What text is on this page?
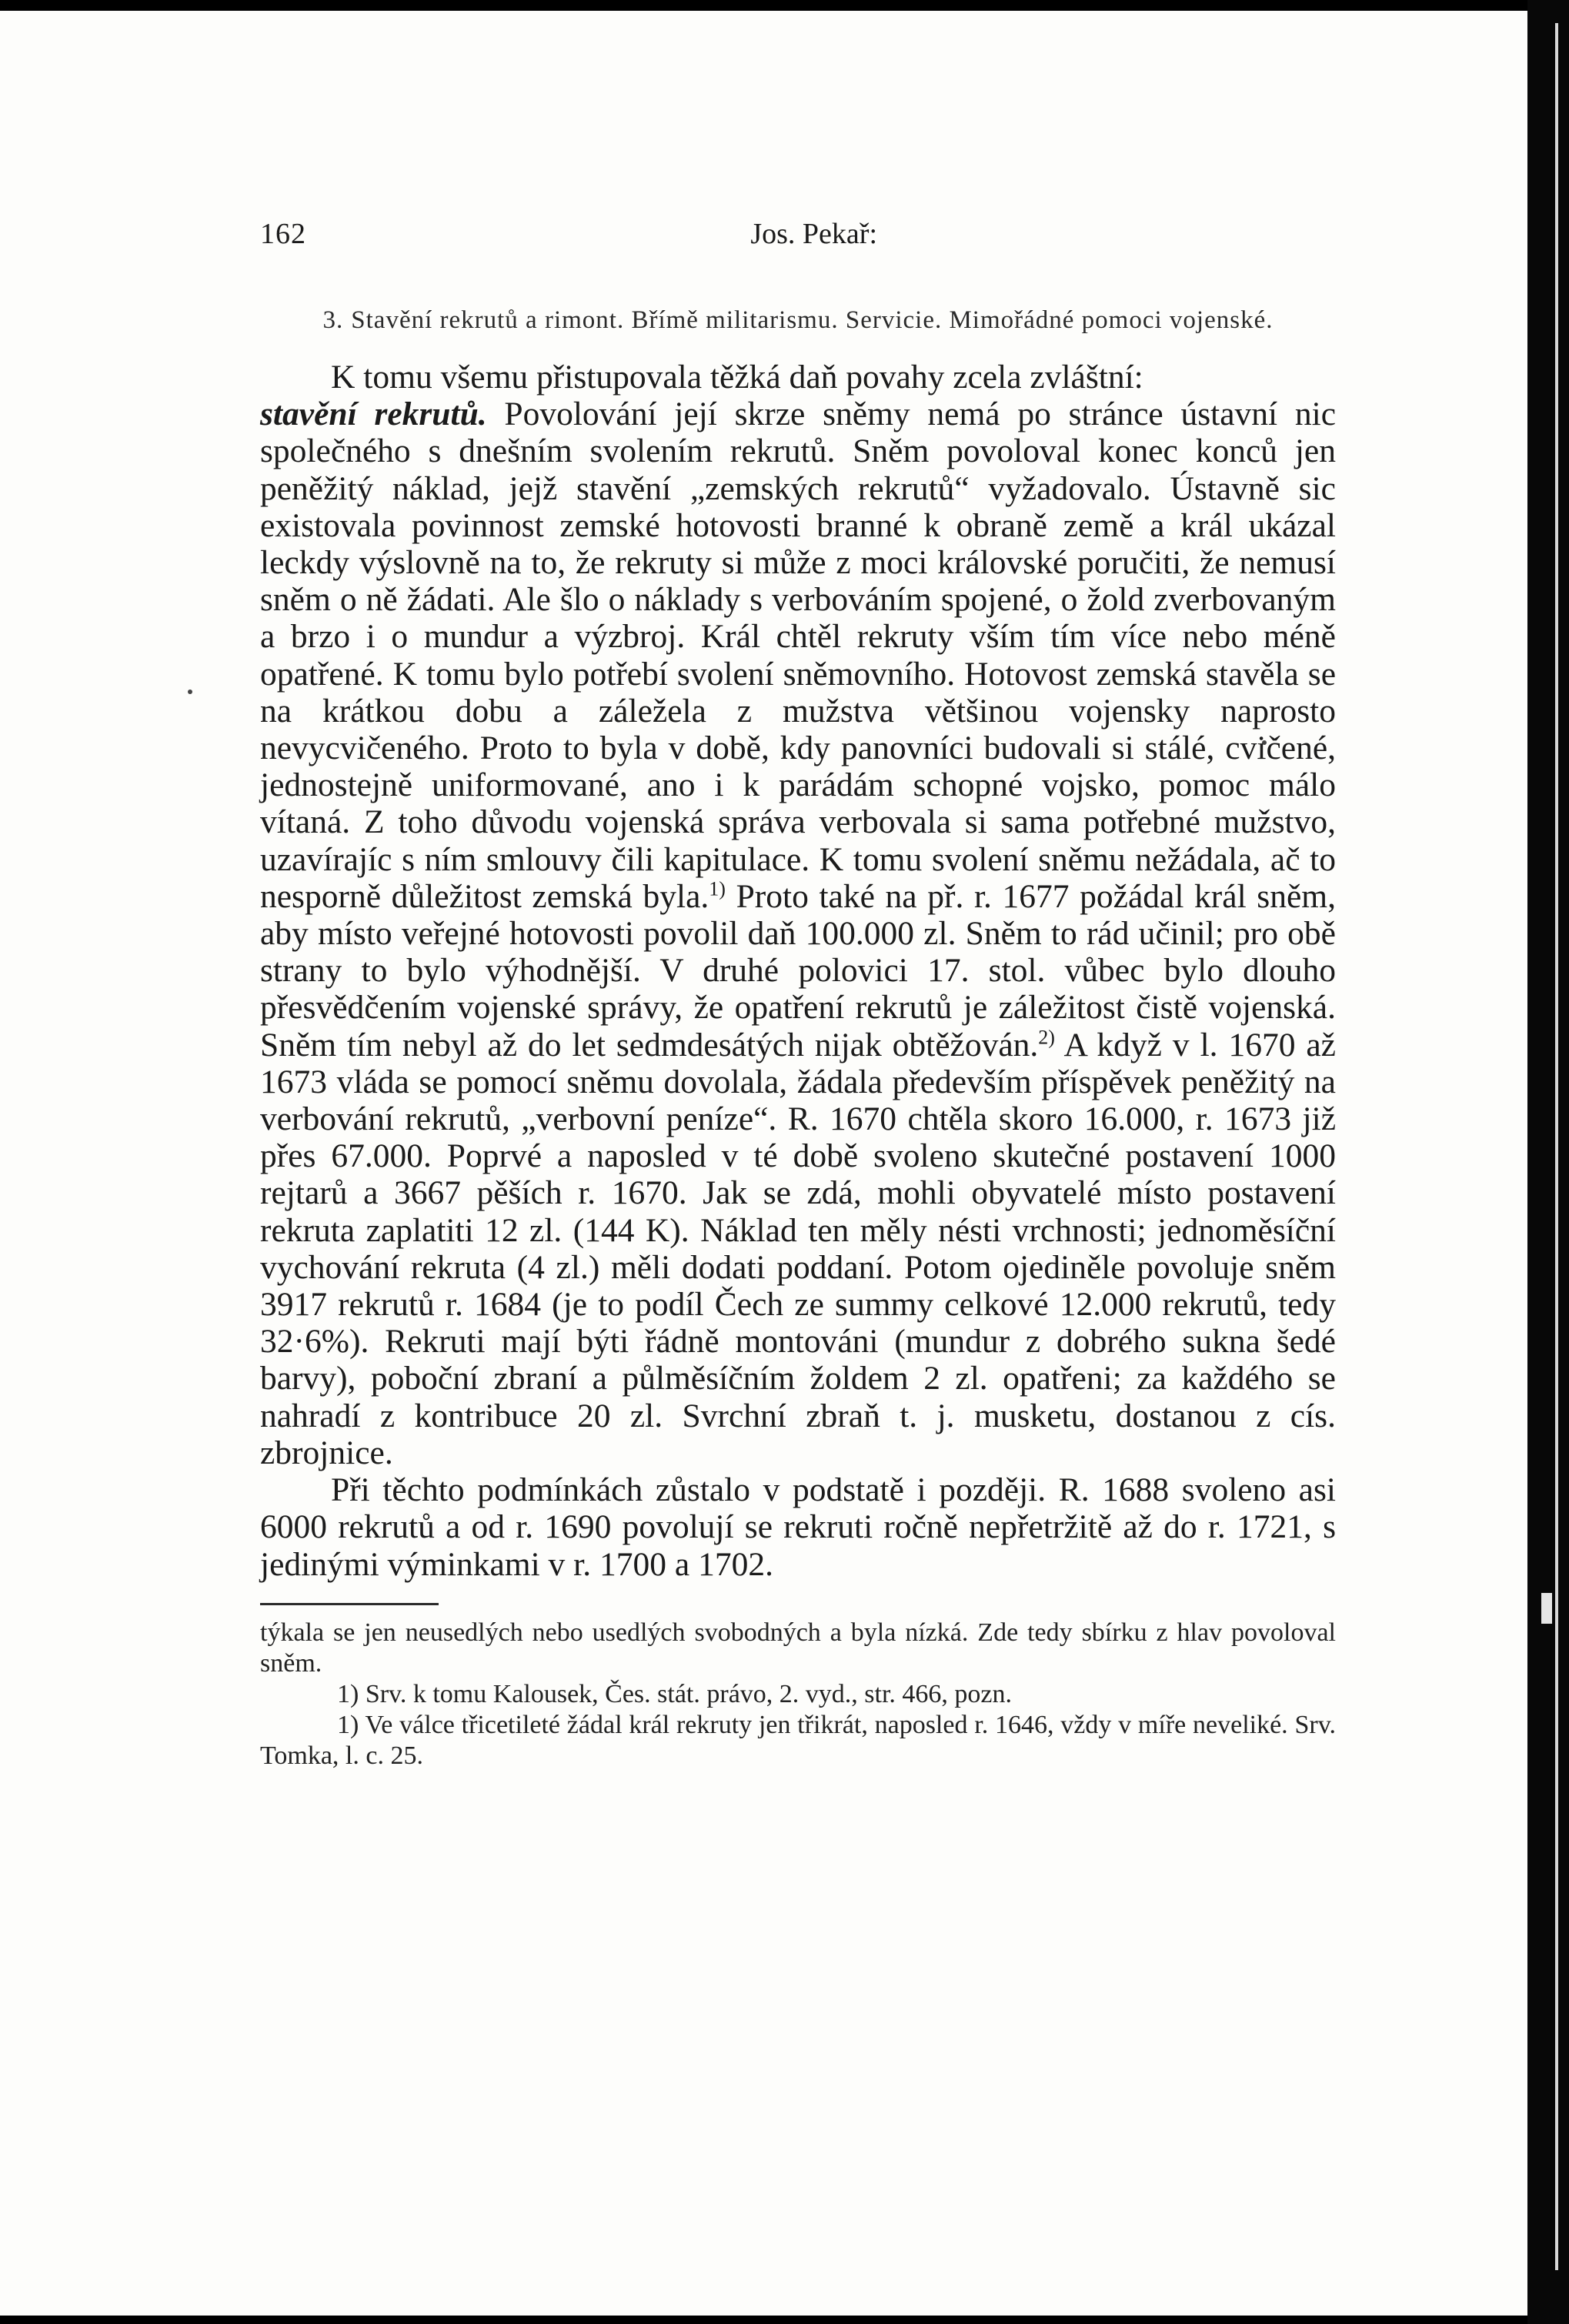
162	Jos. Pekař:
3. Stavění rekrutů a rimont. Břímě militarismu. Servicie. Mimořádné pomoci vojenské.

K tomu všemu přistupovala těžká daň povahy zcela zvláštní:
stavění rekrutů. Povolování její skrze sněmy nemá po stránce ústavní nic společného s dnešním svolením rekrutů. Sněm povoloval konec konců jen peněžitý náklad, jejž stavění „zemských rekrutů“ vyžadovalo. Ústavně sic existovala povinnost zemské hotovosti branné k obraně země a král ukázal leckdy výslovně na to, že rekruty si může z moci královské poručiti, že nemusí sněm o ně žádati. Ale šlo o náklady s verbováním spojené, o žold zverbovaným a brzo i o mundur a výzbroj. Král chtěl rekruty vším tím více nebo méně opatřené. K tomu bylo potřebí svolení sněmovního. Hotovost zemská stavěla se na krátkou dobu a záležela z mužstva většinou vojensky naprosto nevycvičeného. Proto to byla v době, kdy panovníci budovali si stálé, cvičené, jednostejně uniformované, ano i k parádám schopné vojsko, pomoc málo vítaná. Z toho důvodu vojenská správa verbovala si sama potřebné mužstvo, uzavírajíc s ním smlouvy čili kapitulace. K tomu svolení sněmu nežádala, ač to nesporně důležitost zemská byla.$^{1)}$ Proto také na př. r. 1677 požádal král sněm, aby místo veřejné hotovosti povolil daň 100.000 zl. Sněm to rád učinil; pro obě strany to bylo výhodnější. V druhé polovici 17. stol. vůbec bylo dlouho přesvědčením vojenské správy, že opatření rekrutů je záležitost čistě vojenská. Sněm tím nebyl až do let sedmdesátých nijak obtěžován.$^{2)}$ A když v l. 1670 až 1673 vláda se pomocí sněmu dovolala, žádala především příspěvek peněžitý na verbování rekrutů, „verbovní peníze“. R. 1670 chtěla skoro 16.000, r. 1673 již přes 67.000. Poprvé a naposled v té době svoleno skutečné postavení 1000 rejtarů a 3667 pěších r. 1670. Jak se zdá, mohli obyvatelé místo postavení rekruta zaplatiti 12 zl. (144 K). Náklad ten měly nésti vrchnosti; jednoměsíční vychování rekruta (4 zl.) měli dodati poddaní. Potom ojediněle povoluje sněm 3917 rekrutů r. 1684 (je to podíl Čech ze summy celkové 12.000 rekrutů, tedy 32·6%). Rekruti mají býti řádně montováni (mundur z dobrého sukna šedé barvy), poboční zbraní a půlměsíčním žoldem 2 zl. opatřeni; za každého se nahradí z kontribuce 20 zl. Svrchní zbraň t. j. musketu, dostanou z cís. zbrojnice.

Při těchto podmínkách zůstalo v podstatě i později. R. 1688 svoleno asi 6000 rekrutů a od r. 1690 povolují se rekruti ročně nepřetržitě až do r. 1721, s jedinými výminkami v r. 1700 a 1702.

týkala se jen neusedlých nebo usedlých svobodných a byla nízká. Zde tedy sbírku z hlav povoloval sněm.

1) Srv. k tomu Kalousek, Čes. stát. právo, 2. vyd., str. 466, pozn.

1) Ve válce třicetileté žádal král rekruty jen třikrát, naposled r. 1646, vždy v míře neveliké. Srv. Tomka, l. c. 25.
